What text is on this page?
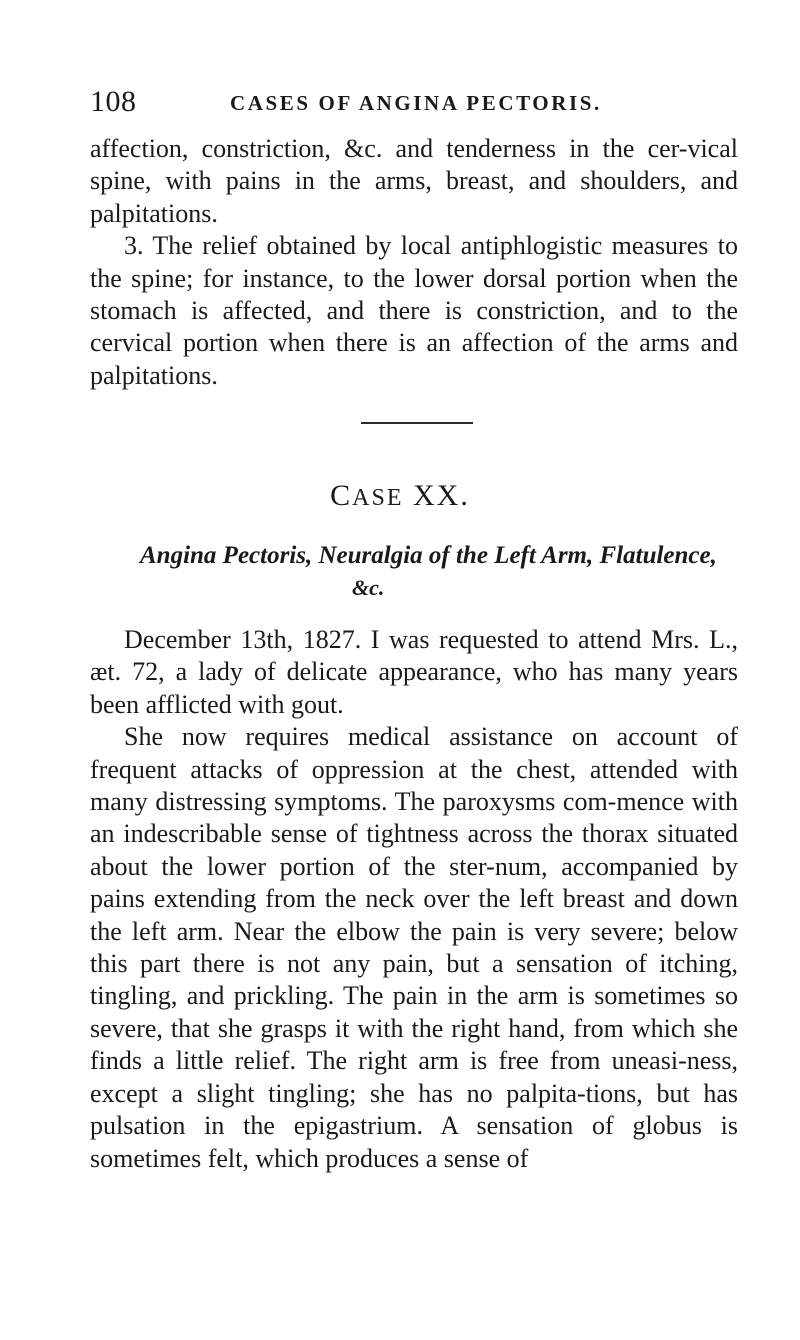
108	CASES OF ANGINA PECTORIS.

affection, constriction, &c. and tenderness in the cer-vical spine, with pains in the arms, breast, and shoulders, and palpitations.

3. The relief obtained by local antiphlogistic measures to the spine; for instance, to the lower dorsal portion when the stomach is affected, and there is constriction, and to the cervical portion when there is an affection of the arms and palpitations.

CASE XX.
Angina Pectoris, Neuralgia of the Left Arm, Flatulence,
&c.

December 13th, 1827. I was requested to attend Mrs. L., æt. 72, a lady of delicate appearance, who has many years been afflicted with gout.

She now requires medical assistance on account of frequent attacks of oppression at the chest, attended with many distressing symptoms. The paroxysms com-mence with an indescribable sense of tightness across the thorax situated about the lower portion of the ster-num, accompanied by pains extending from the neck over the left breast and down the left arm. Near the elbow the pain is very severe; below this part there is not any pain, but a sensation of itching, tingling, and prickling. The pain in the arm is sometimes so severe, that she grasps it with the right hand, from which she finds a little relief. The right arm is free from uneasi-ness, except a slight tingling; she has no palpita-tions, but has pulsation in the epigastrium. A sensation of globus is sometimes felt, which produces a sense of
